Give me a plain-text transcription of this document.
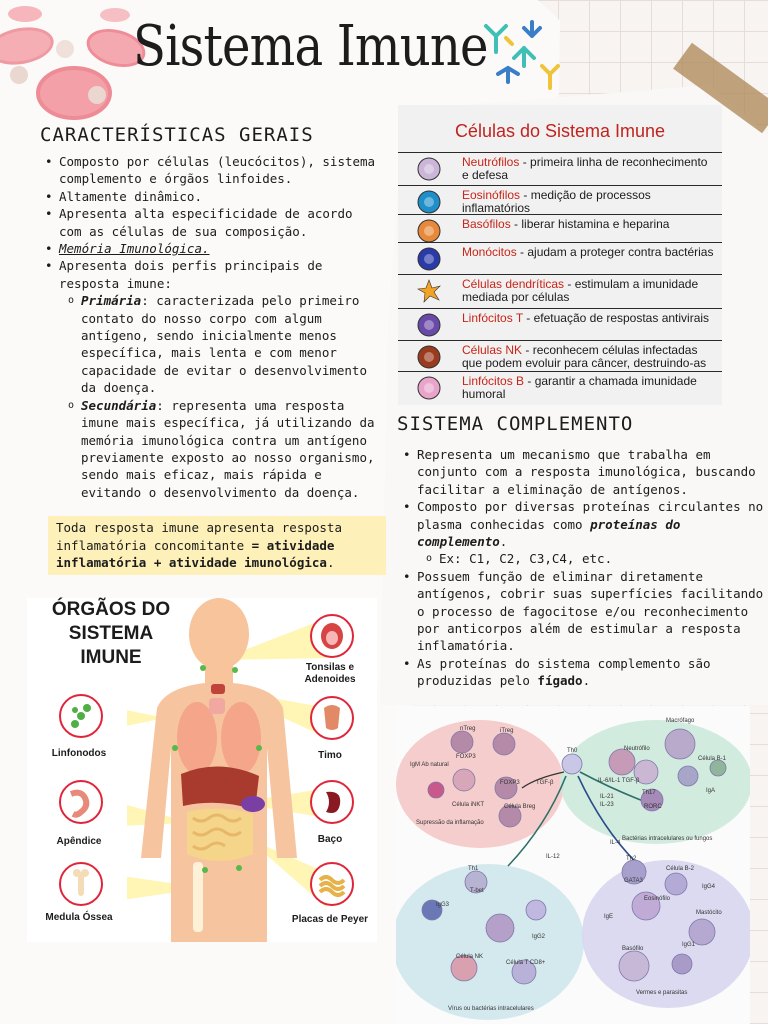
Sistema Imune
CARACTERÍSTICAS GERAIS
• Composto por células (leucócitos), sistema complemento e órgãos linfoides.
• Altamente dinâmico.
• Apresenta alta especificidade de acordo com as células de sua composição.
• Memória Imunológica.
• Apresenta dois perfis principais de resposta imune:
o Primária: caracterizada pelo primeiro contato do nosso corpo com algum antígeno, sendo inicialmente menos específica, mais lenta e com menor capacidade de evitar o desenvolvimento da doença.
o Secundária: representa uma resposta imune mais específica, já utilizando da memória imunológica contra um antígeno previamente exposto ao nosso organismo, sendo mais eficaz, mais rápida e evitando o desenvolvimento da doença.
Toda resposta imune apresenta resposta inflamatória concomitante = atividade inflamatória + atividade imunológica.
Células do Sistema Imune
Neutrófilos - primeira linha de reconhecimento e defesa
Eosinófilos - medição de processos inflamatórios
Basófilos - liberar histamina e heparina
Monócitos - ajudam a proteger contra bactérias
Células dendríticas - estimulam a imunidade mediada por células
Linfócitos T - efetuação de respostas antivirais
Células NK - reconhecem células infectadas que podem evoluir para câncer, destruindo-as
Linfócitos B - garantir a chamada imunidade humoral
SISTEMA COMPLEMENTO
• Representa um mecanismo que trabalha em conjunto com a resposta imunológica, buscando facilitar a eliminação de antígenos.
• Composto por diversas proteínas circulantes no plasma conhecidas como proteínas do complemento.
o Ex: C1, C2, C3,C4, etc.
• Possuem função de eliminar diretamente antígenos, cobrir suas superfícies facilitando o processo de fagocitose e/ou reconhecimento por anticorpos além de estimular a resposta inflamatória.
• As proteínas do sistema complemento são produzidas pelo fígado.
ÓRGÃOS DO SISTEMA IMUNE	Tonsilas e Adenoides
Timo
Baço
Placas de Peyer
Linfonodos
Apêndice
Medula Óssea
Th0
nTreg	iTreg
FOXP3
FOXP3
IgM Ab natural
Célula iNKT	Célula Breg
Supressão da inflamação
TGF-β	IL-6/IL-1 TGF-β
IL-21
IL-23
Macrófago
Neutrófilo
Célula B-1
Th17
RORC
IgA
Bactérias intracelulares ou fungos
IL-12
IL-4
Th1
T-bet
IgG3
IgG2
Célula NK
Célula T CD8+
Vírus ou bactérias intracelulares
Th2
GATA3
Célula B-2
Eosinófilo
Mastócito
Basófilo
IgE
IgG4
IgG1
Vermes e parasitas
